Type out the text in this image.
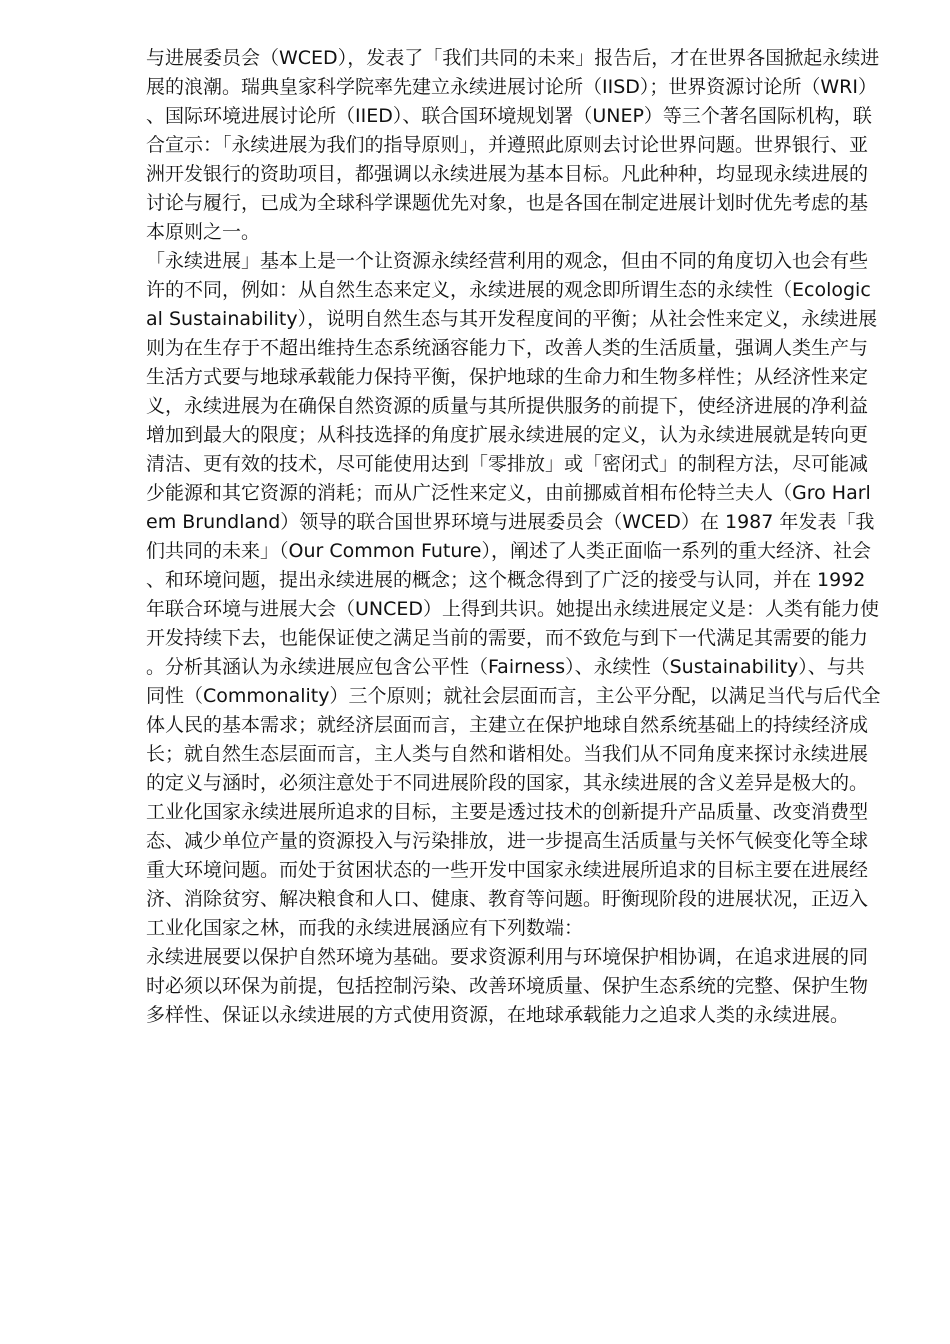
与进展委员会（WCED），发表了「我们共同的未来」报告后，才在世界各国掀起永续进展的浪潮。瑞典皇家科学院率先建立永续进展讨论所（IISD）；世界资源讨论所（WRI）、国际环境进展讨论所（IIED）、联合国环境规划署（UNEP）等三个著名国际机构，联合宣示：「永续进展为我们的指导原则」，并遵照此原则去讨论世界问题。世界银行、亚洲开发银行的资助项目，都强调以永续进展为基本目标。凡此种种，均显现永续进展的讨论与履行，已成为全球科学课题优先对象，也是各国在制定进展计划时优先考虑的基本原则之一。

「永续进展」基本上是一个让资源永续经营利用的观念，但由不同的角度切入也会有些许的不同，例如：从自然生态来定义，永续进展的观念即所谓生态的永续性（Ecological Sustainability），说明自然生态与其开发程度间的平衡；从社会性来定义，永续进展则为在生存于不超出维持生态系统涵容能力下，改善人类的生活质量，强调人类生产与生活方式要与地球承载能力保持平衡，保护地球的生命力和生物多样性；从经济性来定义，永续进展为在确保自然资源的质量与其所提供服务的前提下，使经济进展的净利益增加到最大的限度；从科技选择的角度扩展永续进展的定义，认为永续进展就是转向更清洁、更有效的技术，尽可能使用达到「零排放」或「密闭式」的制程方法，尽可能减少能源和其它资源的消耗；而从广泛性来定义，由前挪威首相布伦特兰夫人（Gro Harlem Brundland）领导的联合国世界环境与进展委员会（WCED）在 1987 年发表「我们共同的未来」（Our Common Future），阐述了人类正面临一系列的重大经济、社会、和环境问题，提出永续进展的概念；这个概念得到了广泛的接受与认同，并在 1992 年联合环境与进展大会（UNCED）上得到共识。她提出永续进展定义是：人类有能力使开发持续下去，也能保证使之满足当前的需要，而不致危与到下一代满足其需要的能力。分析其涵认为永续进展应包含公平性（Fairness）、永续性（Sustainability）、与共同性（Commonality）三个原则；就社会层面而言，主公平分配，以满足当代与后代全体人民的基本需求；就经济层面而言，主建立在保护地球自然系统基础上的持续经济成长；就自然生态层面而言，主人类与自然和谐相处。当我们从不同角度来探讨永续进展的定义与涵时，必须注意处于不同进展阶段的国家，其永续进展的含义差异是极大的。工业化国家永续进展所追求的目标，主要是透过技术的创新提升产品质量、改变消费型态、减少单位产量的资源投入与污染排放，进一步提高生活质量与关怀气候变化等全球重大环境问题。而处于贫困状态的一些开发中国家永续进展所追求的目标主要在进展经济、消除贫穷、解决粮食和人口、健康、教育等问题。盱衡现阶段的进展状况，正迈入工业化国家之林，而我的永续进展涵应有下列数端：

永续进展要以保护自然环境为基础。要求资源利用与环境保护相协调，在追求进展的同时必须以环保为前提，包括控制污染、改善环境质量、保护生态系统的完整、保护生物多样性、保证以永续进展的方式使用资源，在地球承载能力之追求人类的永续进展。
